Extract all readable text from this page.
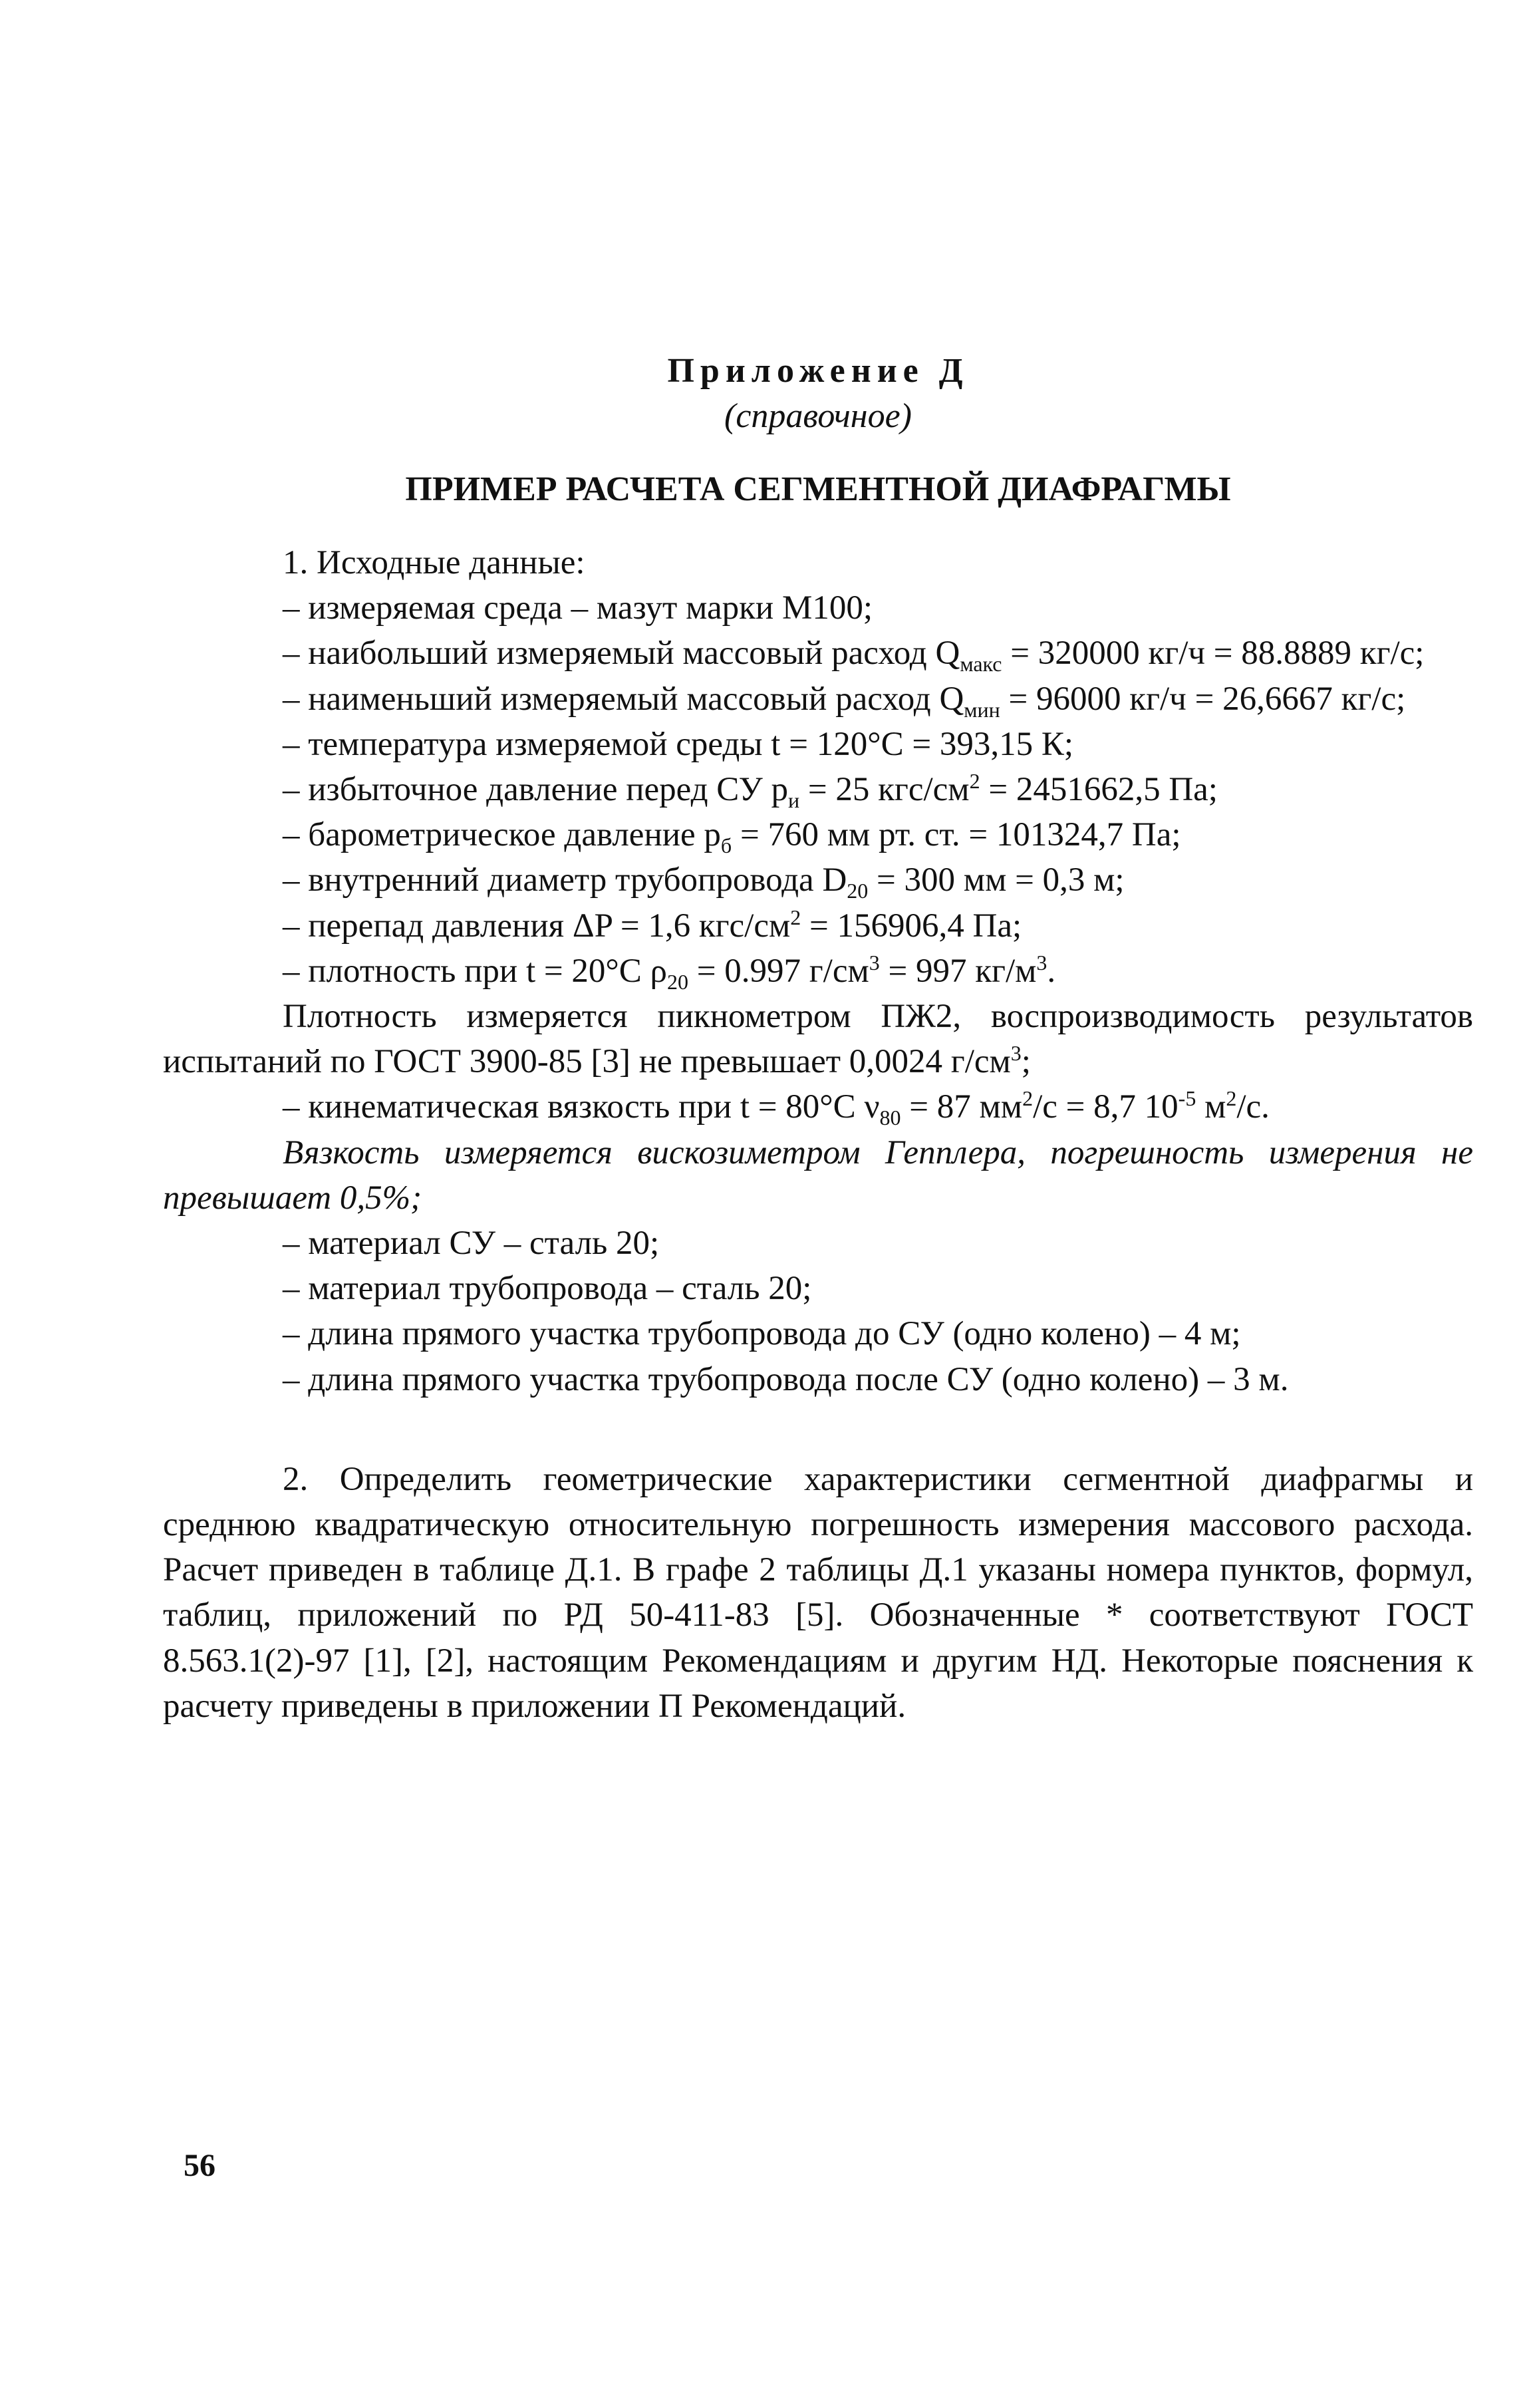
Приложение Д
(справочное)
ПРИМЕР РАСЧЕТА СЕГМЕНТНОЙ ДИАФРАГМЫ
1. Исходные данные:
– измеряемая среда – мазут марки М100;
– наибольший измеряемый массовый расход $Q_{макс} = 320000$ кг/ч = 88.8889 кг/с;
– наименьший измеряемый массовый расход $Q_{мин} = 96000$ кг/ч = 26,6667 кг/с;
– температура измеряемой среды t = 120°C = 393,15 К;
– избыточное давление перед СУ $p_и = 25$ кгс/$см^2 = 2451662,5$ Па;
– барометрическое давление $p_б = 760$ мм рт. ст. = 101324,7 Па;
– внутренний диаметр трубопровода $D_{20} = 300$ мм = 0,3 м;
– перепад давления ΔP = 1,6 кгс/$см^2 = 156906,4$ Па;
– плотность при t = 20°C $\rho_{20} = 0.997$ $г/см^3 = 997$ $кг/м^3$.

Плотность измеряется пикнометром ПЖ2, воспроизводимость результатов испытаний по ГОСТ 3900-85 [3] не превышает 0,0024 $г/см^3$;

– кинематическая вязкость при t = 80°C $\nu_{80} = 87$ $мм^2/с = 8,7$ $10^{-5}$ $м^2/с$.

Вязкость измеряется вискозиметром Гепплера, погрешность измерения не превышает 0,5%;

– материал СУ – сталь 20;
– материал трубопровода – сталь 20;
– длина прямого участка трубопровода до СУ (одно колено) – 4 м;
– длина прямого участка трубопровода после СУ (одно колено) – 3 м.

2. Определить геометрические характеристики сегментной диафрагмы и среднюю квадратическую относительную погрешность измерения массового расхода. Расчет приведен в таблице Д.1. В графе 2 таблицы Д.1 указаны номера пунктов, формул, таблиц, приложений по РД 50-411-83 [5]. Обозначенные * соответствуют ГОСТ 8.563.1(2)-97 [1], [2], настоящим Рекомендациям и другим НД. Некоторые пояснения к расчету приведены в приложении П Рекомендаций.

56
